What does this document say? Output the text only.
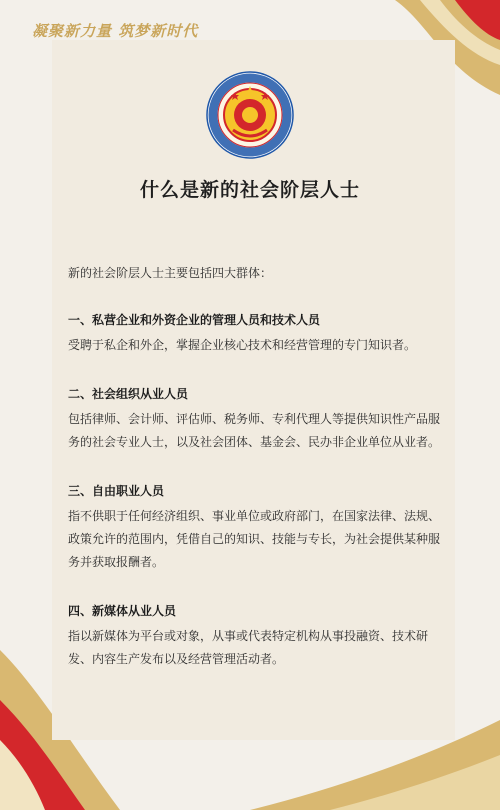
凝聚新力量 筑梦新时代
什么是新的社会阶层人士

新的社会阶层人士主要包括四大群体：

一、私营企业和外资企业的管理人员和技术人员

受聘于私企和外企，掌握企业核心技术和经营管理的专门知识者。

二、社会组织从业人员

包括律师、会计师、评估师、税务师、专利代理人等提供知识性产品服务的社会专业人士，以及社会团体、基金会、民办非企业单位从业者。

三、自由职业人员

指不供职于任何经济组织、事业单位或政府部门，在国家法律、法规、政策允许的范围内，凭借自己的知识、技能与专长，为社会提供某种服务并获取报酬者。

四、新媒体从业人员

指以新媒体为平台或对象，从事或代表特定机构从事投融资、技术研发、内容生产发布以及经营管理活动者。
